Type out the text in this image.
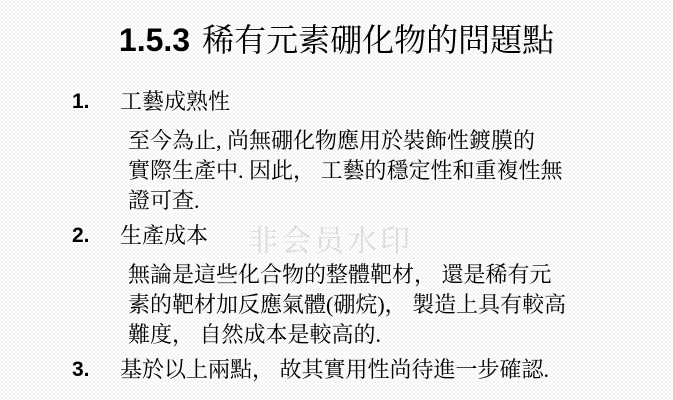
非会员水印
1.5.3 稀有元素硼化物的問題點
1.	工藝成熟性
至今為止, 尚無硼化物應用於裝飾性鍍膜的
實際生產中. 因此， 工藝的穩定性和重複性無
證可查.
2.	生產成本
無論是這些化合物的整體靶材， 還是稀有元
素的靶材加反應氣體(硼烷)， 製造上具有較高
難度， 自然成本是較高的.
3.	基於以上兩點， 故其實用性尚待進一步確認.
